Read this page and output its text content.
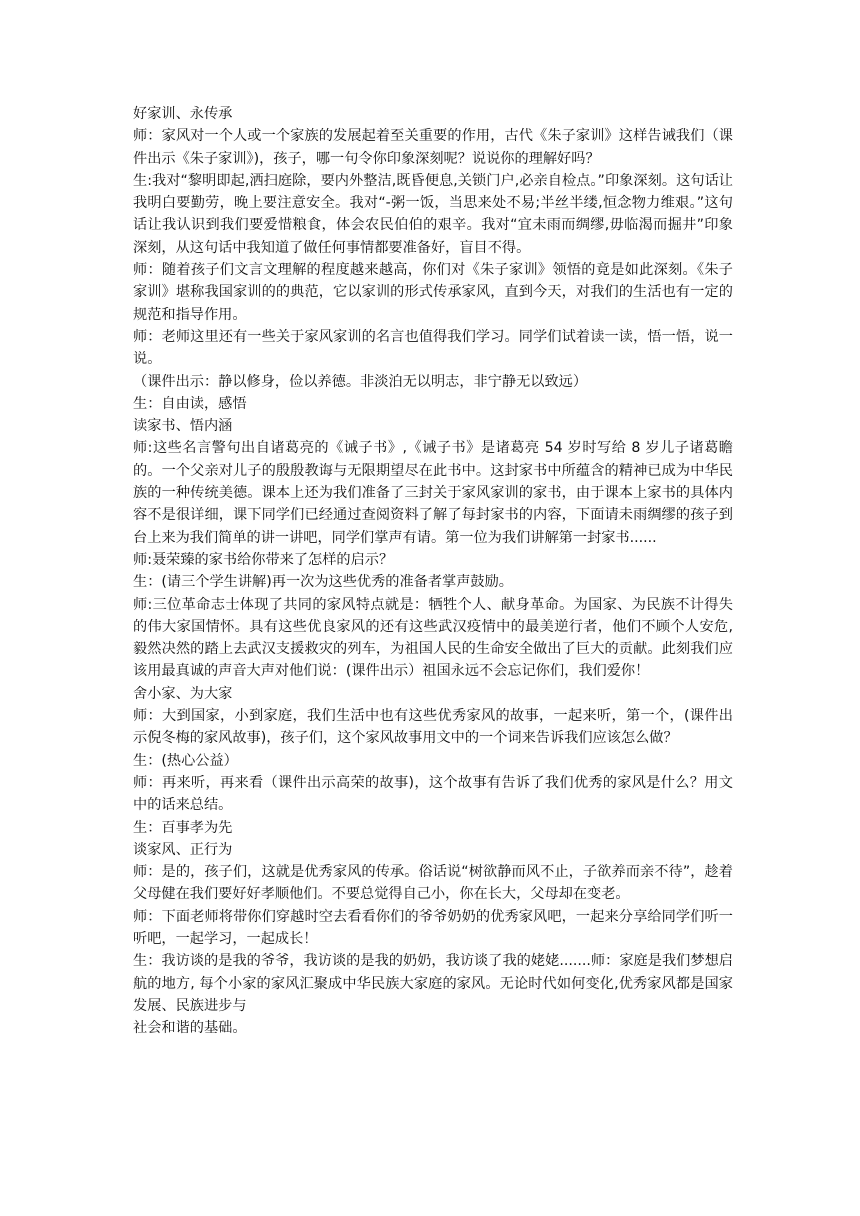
好家训、永传承

师：家风对一个人或一个家族的发展起着至关重要的作用，古代《朱子家训》这样告诫我们（课件出示《朱子家训》)，孩子，哪一句令你印象深刻呢？说说你的理解好吗？

生:我对“黎明即起,洒扫庭除，要内外整洁,既昏便息,关锁门户,必亲自检点。”印象深刻。这句话让我明白要勤劳，晚上要注意安全。我对“-粥一饭，当思来处不易;半丝半缕,恒念物力维艰。”这句话让我认识到我们要爱惜粮食，体会农民伯伯的艰辛。我对“宜未雨而绸缪,毋临渴而掘井”印象深刻，从这句话中我知道了做任何事情都要准备好，盲目不得。

师：随着孩子们文言文理解的程度越来越高，你们对《朱子家训》领悟的竟是如此深刻。《朱子家训》堪称我国家训的的典范，它以家训的形式传承家风，直到今天，对我们的生活也有一定的规范和指导作用。

师：老师这里还有一些关于家风家训的名言也值得我们学习。同学们试着读一读，悟一悟，说一说。

（课件出示：静以修身，俭以养德。非淡泊无以明志，非宁静无以致远）

生：自由读，感悟

读家书、悟内涵

师:这些名言警句出自诸葛亮的《诫子书》,《诫子书》是诸葛亮 54 岁时写给 8 岁儿子诸葛瞻的。一个父亲对儿子的殷殷教诲与无限期望尽在此书中。这封家书中所蕴含的精神已成为中华民族的一种传统美德。课本上还为我们准备了三封关于家风家训的家书，由于课本上家书的具体内容不是很详细，课下同学们已经通过查阅资料了解了每封家书的内容，下面请未雨绸缪的孩子到台上来为我们简单的讲一讲吧，同学们掌声有请。第一位为我们讲解第一封家书......

师:聂荣臻的家书给你带来了怎样的启示？

生：(请三个学生讲解)再一次为这些优秀的准备者掌声鼓励。

师:三位革命志士体现了共同的家风特点就是：牺牲个人、献身革命。为国家、为民族不计得失的伟大家国情怀。具有这些优良家风的还有这些武汉疫情中的最美逆行者，他们不顾个人安危,毅然决然的踏上去武汉支援救灾的列车，为祖国人民的生命安全做出了巨大的贡献。此刻我们应该用最真诚的声音大声对他们说：(课件出示）祖国永远不会忘记你们，我们爱你！

舍小家、为大家

师：大到国家，小到家庭，我们生活中也有这些优秀家风的故事，一起来听，第一个，(课件出示倪冬梅的家风故事)，孩子们，这个家风故事用文中的一个词来告诉我们应该怎么做？

生：(热心公益）

师：再来听，再来看（课件出示高荣的故事)，这个故事有告诉了我们优秀的家风是什么？用文中的话来总结。

生：百事孝为先

谈家风、正行为

师：是的，孩子们，这就是优秀家风的传承。俗话说“树欲静而风不止，子欲养而亲不待”，趁着父母健在我们要好好孝顺他们。不要总觉得自己小，你在长大，父母却在变老。

师：下面老师将带你们穿越时空去看看你们的爷爷奶奶的优秀家风吧，一起来分享给同学们听一听吧，一起学习，一起成长！

生：我访谈的是我的爷爷，我访谈的是我的奶奶，我访谈了我的姥姥.......师：家庭是我们梦想启航的地方, 每个小家的家风汇聚成中华民族大家庭的家风。无论时代如何变化,优秀家风都是国家发展、民族进步与

社会和谐的基础。
